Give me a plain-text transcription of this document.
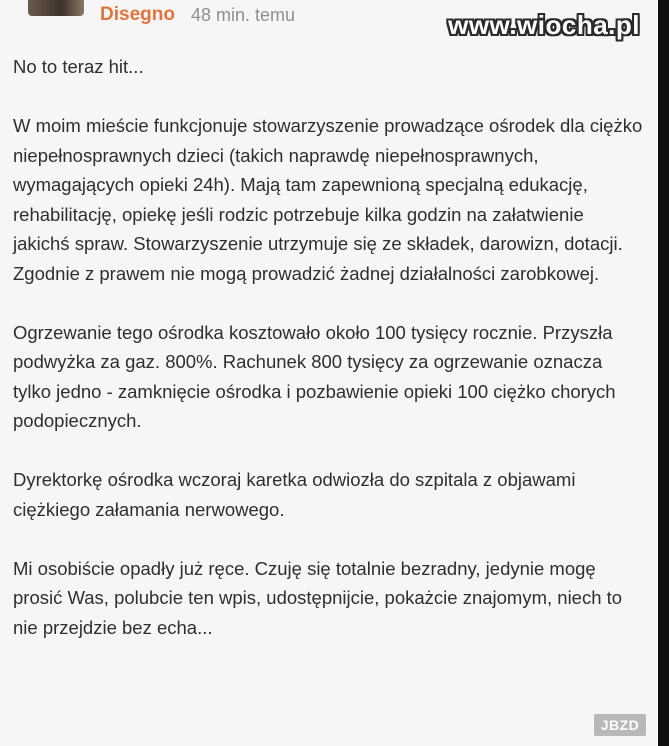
Disegno 48 min. temu	www.wiocha.pl

No to teraz hit...

W moim mieście funkcjonuje stowarzyszenie prowadzące ośrodek dla ciężko niepełnosprawnych dzieci (takich naprawdę niepełnosprawnych, wymagających opieki 24h). Mają tam zapewnioną specjalną edukację, rehabilitację, opiekę jeśli rodzic potrzebuje kilka godzin na załatwienie jakichś spraw. Stowarzyszenie utrzymuje się ze składek, darowizn, dotacji. Zgodnie z prawem nie mogą prowadzić żadnej działalności zarobkowej.

Ogrzewanie tego ośrodka kosztowało około 100 tysięcy rocznie. Przyszła podwyżka za gaz. 800%. Rachunek 800 tysięcy za ogrzewanie oznacza tylko jedno - zamknięcie ośrodka i pozbawienie opieki 100 ciężko chorych podopiecznych.

Dyrektorkę ośrodka wczoraj karetka odwiozła do szpitala z objawami ciężkiego załamania nerwowego.

Mi osobiście opadły już ręce. Czuję się totalnie bezradny, jedynie mogę prosić Was, polubcie ten wpis, udostępnijcie, pokażcie znajomym, niech to nie przejdzie bez echa...

JBZD
